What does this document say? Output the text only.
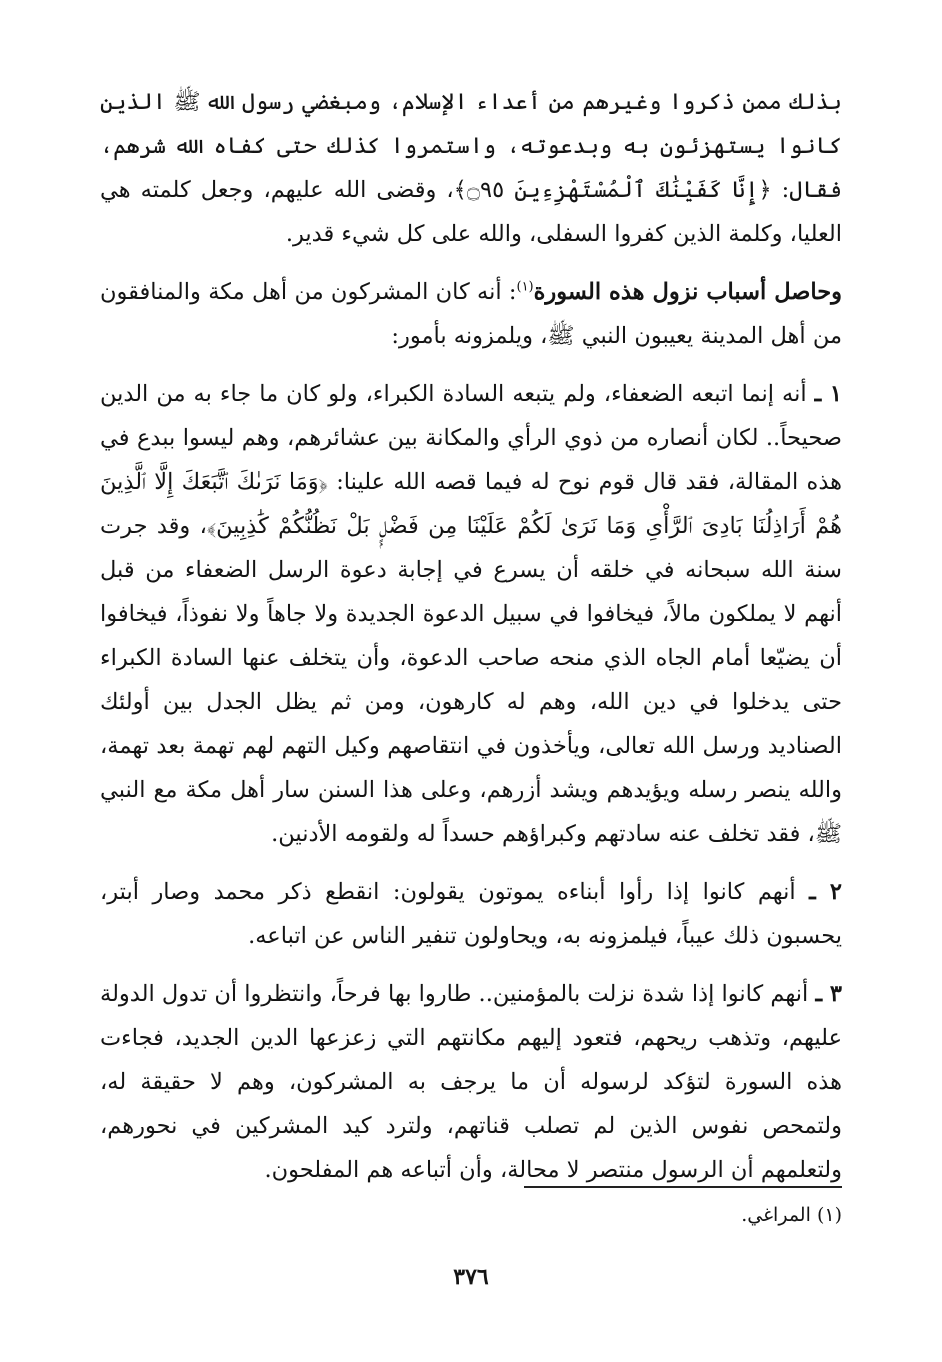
بذلك ممن ذكروا وغيرهم من أعداء الإسلام، ومبغضي رسول الله ﷺ الذين كانوا يستهزئون به وبدعوته، واستمروا كذلك حتى كفاه الله شرهم، فقال: ﴿إِنَّا كَفَيْنَٰكَ ٱلْمُسْتَهْزِءِينَ ۝٩٥﴾، وقضى الله عليهم، وجعل كلمته هي العليا، وكلمة الذين كفروا السفلى، والله على كل شيء قدير.

وحاصل أسباب نزول هذه السورة$^{(١)}$: أنه كان المشركون من أهل مكة والمنافقون من أهل المدينة يعيبون النبي ﷺ، ويلمزونه بأمور:

١ ـ أنه إنما اتبعه الضعفاء، ولم يتبعه السادة الكبراء، ولو كان ما جاء به من الدين صحيحاً.. لكان أنصاره من ذوي الرأي والمكانة بين عشائرهم، وهم ليسوا ببدع في هذه المقالة، فقد قال قوم نوح له فيما قصه الله علينا: ﴿وَمَا نَرَىٰكَ ٱتَّبَعَكَ إِلَّا ٱلَّذِينَ هُمْ أَرَاذِلُنَا بَادِىَ ٱلرَّأْىِ وَمَا نَرَىٰ لَكُمْ عَلَيْنَا مِن فَضْلٍۭ بَلْ نَظُنُّكُمْ كَٰذِبِينَ﴾، وقد جرت سنة الله سبحانه في خلقه أن يسرع في إجابة دعوة الرسل الضعفاء من قبل أنهم لا يملكون مالاً، فيخافوا في سبيل الدعوة الجديدة ولا جاهاً ولا نفوذاً، فيخافوا أن يضيّعا أمام الجاه الذي منحه صاحب الدعوة، وأن يتخلف عنها السادة الكبراء حتى يدخلوا في دين الله، وهم له كارهون، ومن ثم يظل الجدل بين أولئك الصناديد ورسل الله تعالى، ويأخذون في انتقاصهم وكيل التهم لهم تهمة بعد تهمة، والله ينصر رسله ويؤيدهم ويشد أزرهم، وعلى هذا السنن سار أهل مكة مع النبي ﷺ، فقد تخلف عنه سادتهم وكبراؤهم حسداً له ولقومه الأدنين.

٢ ـ أنهم كانوا إذا رأوا أبناءه يموتون يقولون: انقطع ذكر محمد وصار أبتر، يحسبون ذلك عيباً، فيلمزونه به، ويحاولون تنفير الناس عن اتباعه.

٣ ـ أنهم كانوا إذا شدة نزلت بالمؤمنين.. طاروا بها فرحاً، وانتظروا أن تدول الدولة عليهم، وتذهب ريحهم، فتعود إليهم مكانتهم التي زعزعها الدين الجديد، فجاءت هذه السورة لتؤكد لرسوله أن ما يرجف به المشركون، وهم لا حقيقة له، ولتمحص نفوس الذين لم تصلب قناتهم، ولترد كيد المشركين في نحورهم، ولتعلمهم أن الرسول منتصر لا محالة، وأن أتباعه هم المفلحون.

(١) المراغي.
٣٧٦
